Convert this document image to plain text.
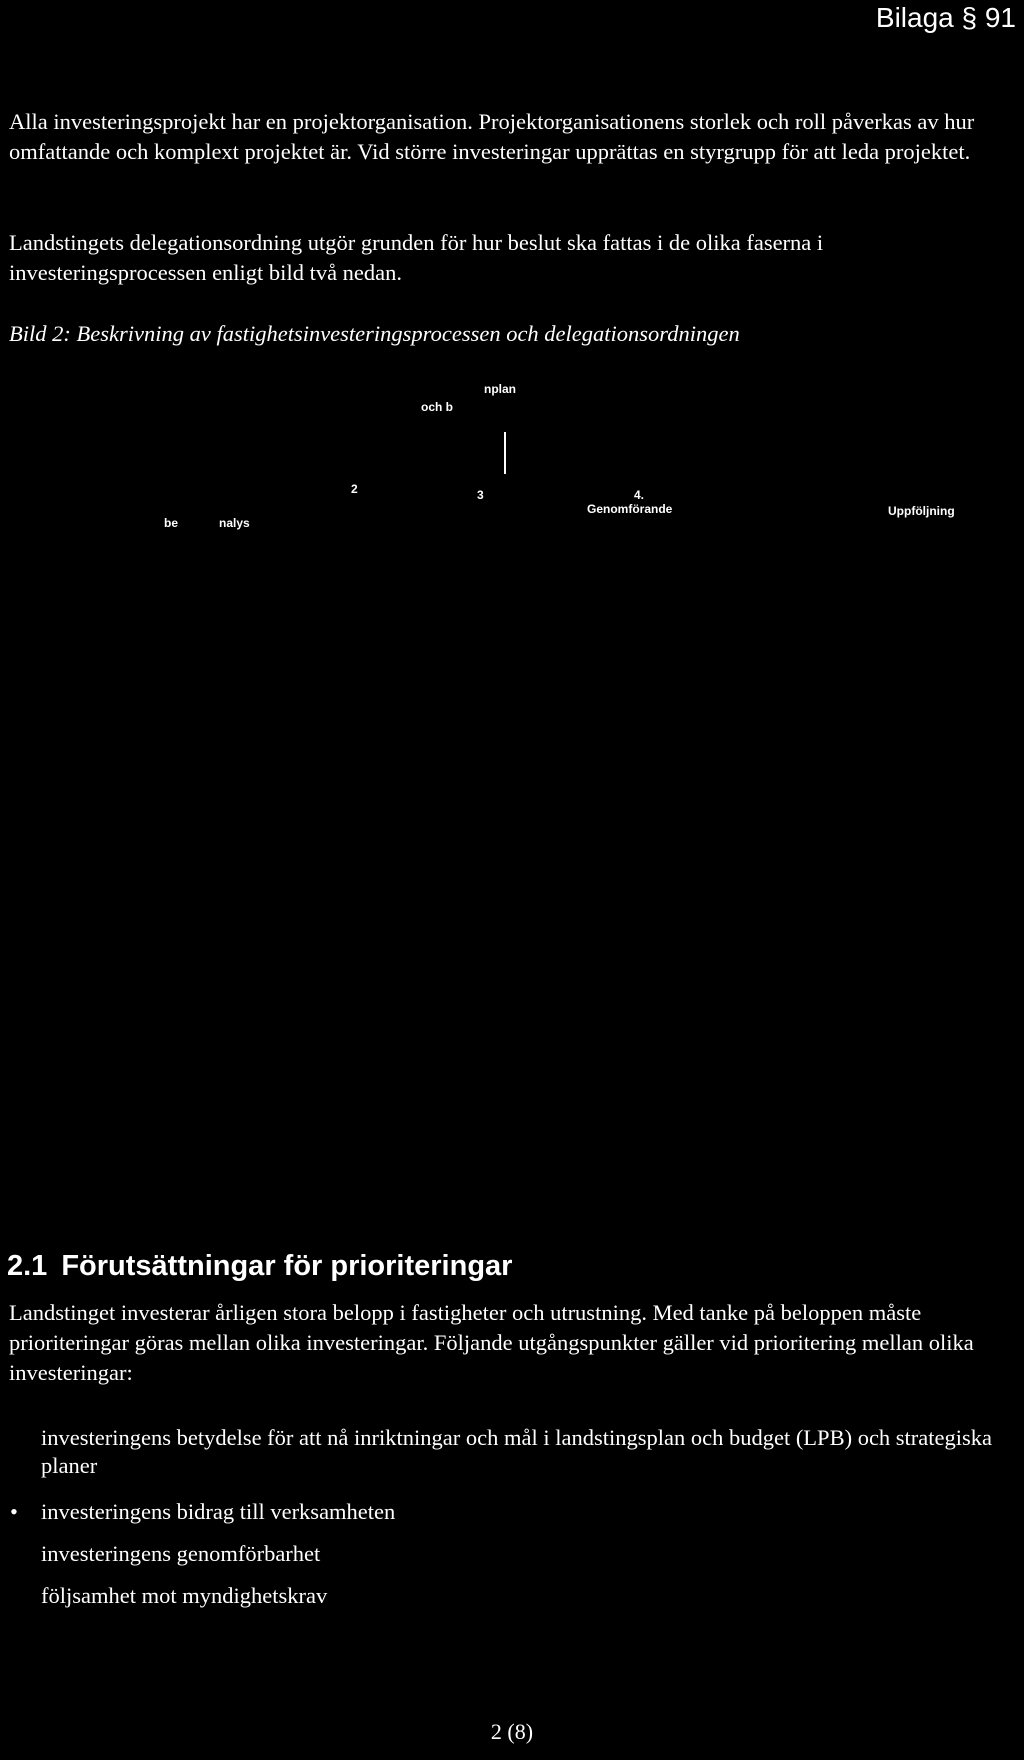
Bilaga § 91

Alla investeringsprojekt har en projektorganisation. Projektorganisationens storlek och roll påverkas av hur omfattande och komplext projektet är. Vid större investeringar upprättas en styrgrupp för att leda projektet.

Landstingets delegationsordning utgör grunden för hur beslut ska fattas i de olika faserna i investeringsprocessen enligt bild två nedan.

Bild 2: Beskrivning av fastighetsinvesteringsprocessen och delegationsordningen

nplan
och b
2	3	4.
be	nalys
Genomförande	Uppföljning
2.1 Förutsättningar för prioriteringar

Landstinget investerar årligen stora belopp i fastigheter och utrustning. Med tanke på beloppen måste prioriteringar göras mellan olika investeringar. Följande utgångspunkter gäller vid prioritering mellan olika investeringar:

investeringens betydelse för att nå inriktningar och mål i landstingsplan och budget (LPB) och strategiska planer
• investeringens bidrag till verksamheten
investeringens genomförbarhet
följsamhet mot myndighetskrav
2 (8)
